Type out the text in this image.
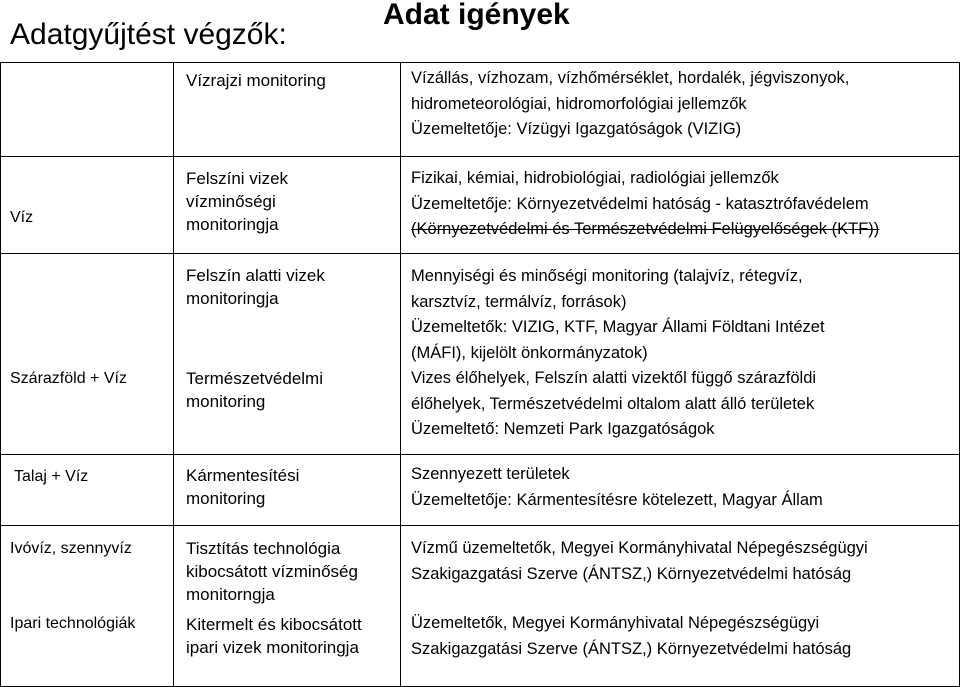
Adatgyűjtést végzők:
Adat igények
Víz
Szárazföld + Víz
Talaj + Víz
Ivóvíz, szennyvíz
Ipari technológiák
Vízrajzi monitoring
Felszíni vizek
vízminőségi
monitoringja
Felszín alatti vizek
monitoringja
Természetvédelmi
monitoring
Kármentesítési
monitoring
Tisztítás technológia
kibocsátott vízminőség
monitorngja
Kitermelt és kibocsátott
ipari vizek monitoringja
Vízállás, vízhozam, vízhőmérséklet, hordalék, jégviszonyok,
hidrometeorológiai, hidromorfológiai jellemzők
Üzemeltetője: Vízügyi Igazgatóságok (VIZIG)
Fizikai, kémiai, hidrobiológiai, radiológiai jellemzők
Üzemeltetője: Környezetvédelmi hatóság - katasztrófavédelem
(Környezetvédelmi és Természetvédelmi Felügyelőségek (KTF))
Mennyiségi és minőségi monitoring (talajvíz, rétegvíz,
karsztvíz, termálvíz, források)
Üzemeltetők: VIZIG, KTF, Magyar Állami Földtani Intézet
(MÁFI), kijelölt önkormányzatok)
Vizes élőhelyek, Felszín alatti vizektől függő szárazföldi
élőhelyek, Természetvédelmi oltalom alatt álló területek
Üzemeltető: Nemzeti Park Igazgatóságok
Szennyezett területek
Üzemeltetője: Kármentesítésre kötelezett, Magyar Állam
Vízmű üzemeltetők, Megyei Kormányhivatal Népegészségügyi
Szakigazgatási Szerve (ÁNTSZ,) Környezetvédelmi hatóság
Üzemeltetők, Megyei Kormányhivatal Népegészségügyi
Szakigazgatási Szerve (ÁNTSZ,) Környezetvédelmi hatóság
